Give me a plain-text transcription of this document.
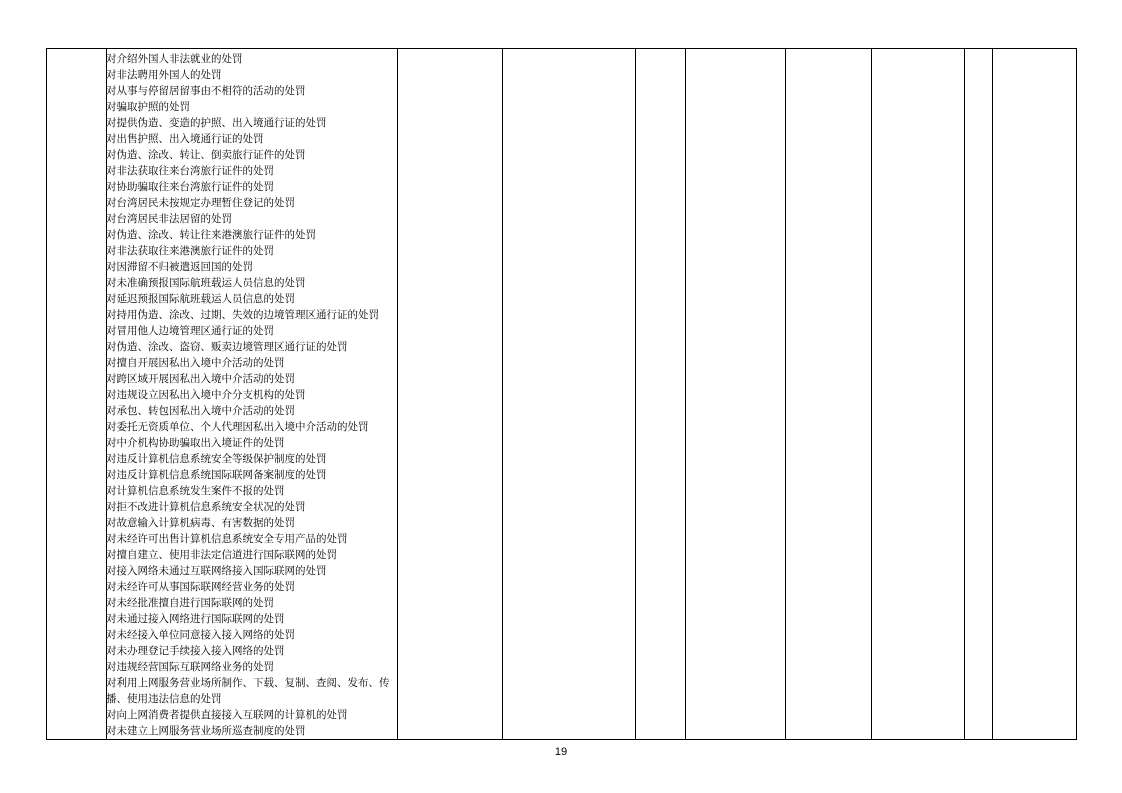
对介绍外国人非法就业的处罚
对非法聘用外国人的处罚
对从事与停留居留事由不相符的活动的处罚
对骗取护照的处罚
对提供伪造、变造的护照、出入境通行证的处罚
对出售护照、出入境通行证的处罚
对伪造、涂改、转让、倒卖旅行证件的处罚
对非法获取往来台湾旅行证件的处罚
对协助骗取往来台湾旅行证件的处罚
对台湾居民未按规定办理暂住登记的处罚
对台湾居民非法居留的处罚
对伪造、涂改、转让往来港澳旅行证件的处罚
对非法获取往来港澳旅行证件的处罚
对因滞留不归被遣返回国的处罚
对未准确预报国际航班载运人员信息的处罚
对延迟预报国际航班载运人员信息的处罚
对持用伪造、涂改、过期、失效的边境管理区通行证的处罚
对冒用他人边境管理区通行证的处罚
对伪造、涂改、盗窃、贩卖边境管理区通行证的处罚
对擅自开展因私出入境中介活动的处罚
对跨区域开展因私出入境中介活动的处罚
对违规设立因私出入境中介分支机构的处罚
对承包、转包因私出入境中介活动的处罚
对委托无资质单位、个人代理因私出入境中介活动的处罚
对中介机构协助骗取出入境证件的处罚
对违反计算机信息系统安全等级保护制度的处罚
对违反计算机信息系统国际联网备案制度的处罚
对计算机信息系统发生案件不报的处罚
对拒不改进计算机信息系统安全状况的处罚
对故意输入计算机病毒、有害数据的处罚
对未经许可出售计算机信息系统安全专用产品的处罚
对擅自建立、使用非法定信道进行国际联网的处罚
对接入网络未通过互联网络接入国际联网的处罚
对未经许可从事国际联网经营业务的处罚
对未经批准擅自进行国际联网的处罚
对未通过接入网络进行国际联网的处罚
对未经接入单位同意接入接入网络的处罚
对未办理登记手续接入接入网络的处罚
对违规经营国际互联网络业务的处罚
对利用上网服务营业场所制作、下载、复制、查阅、发布、传播、使用违法信息的处罚
对向上网消费者提供直接接入互联网的计算机的处罚
对未建立上网服务营业场所巡查制度的处罚

19
